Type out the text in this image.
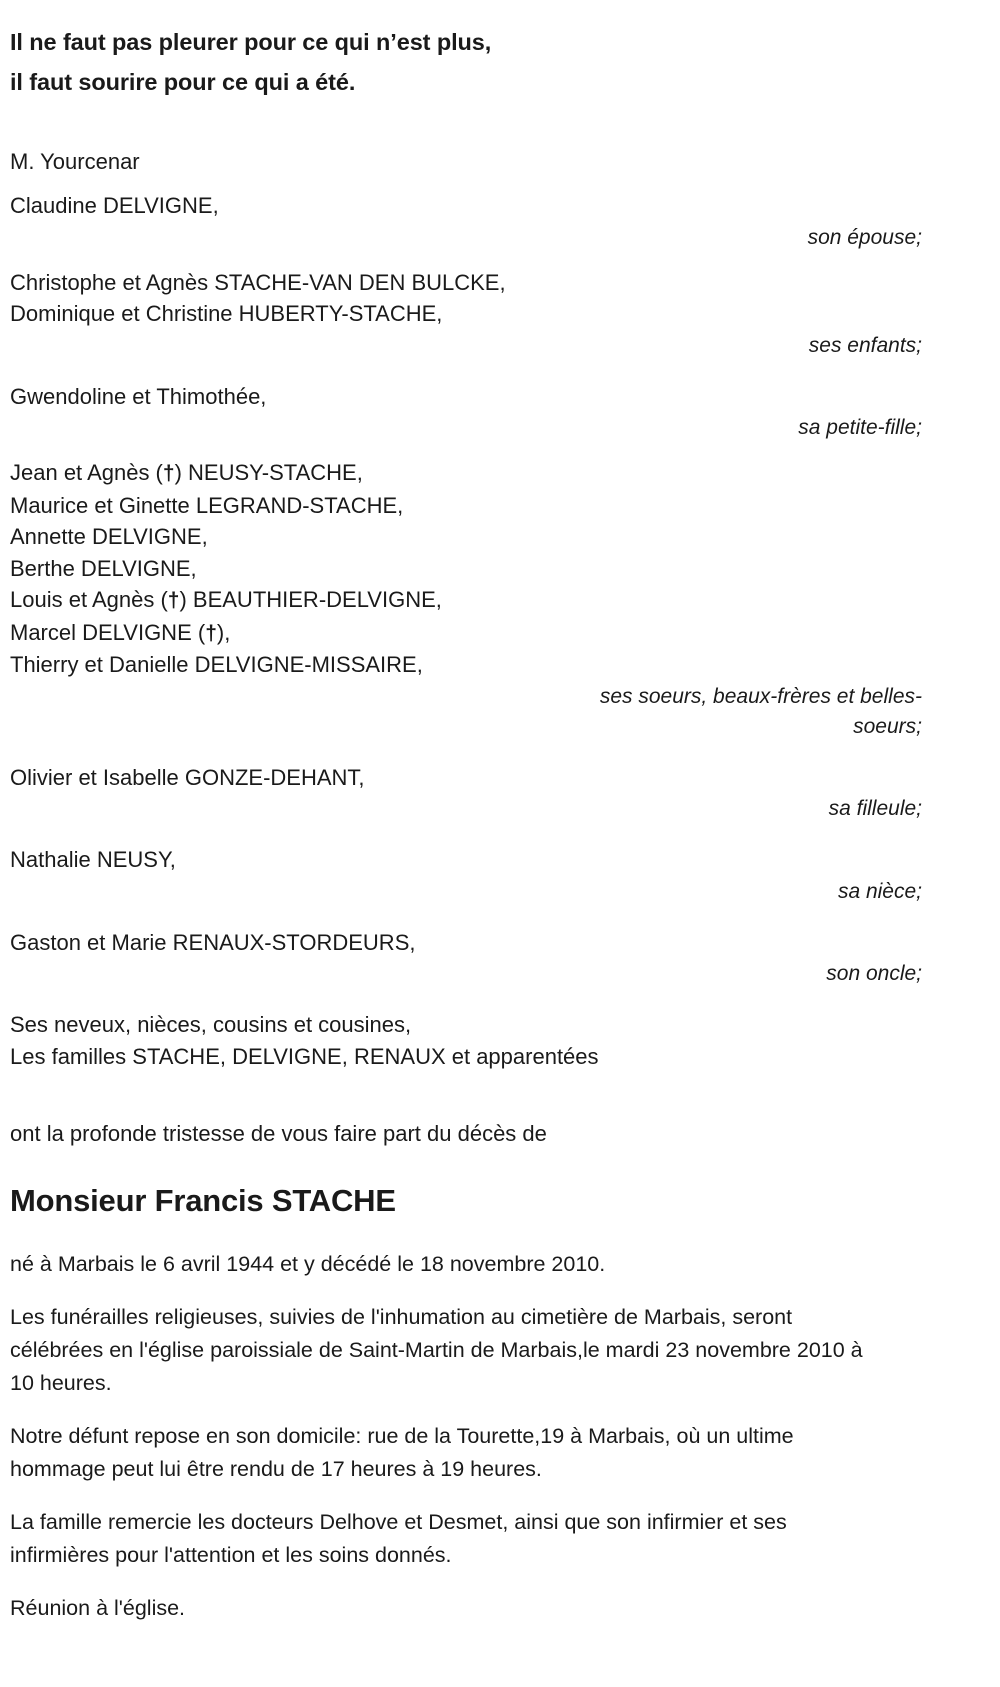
Il ne faut pas pleurer pour ce qui n’est plus,
il faut sourire pour ce qui a été.
M. Yourcenar
Claudine DELVIGNE,
son épouse;
Christophe et Agnès STACHE-VAN DEN BULCKE,
Dominique et Christine HUBERTY-STACHE,
ses enfants;
Gwendoline et Thimothée,
sa petite-fille;
Jean et Agnès (†) NEUSY-STACHE,
Maurice et Ginette LEGRAND-STACHE,
Annette DELVIGNE,
Berthe DELVIGNE,
Louis et Agnès (†) BEAUTHIER-DELVIGNE,
Marcel DELVIGNE (†),
Thierry et Danielle DELVIGNE-MISSAIRE,
ses soeurs, beaux-frères et belles-soeurs;
Olivier et Isabelle GONZE-DEHANT,
sa filleule;
Nathalie NEUSY,
sa nièce;
Gaston et Marie RENAUX-STORDEURS,
son oncle;
Ses neveux, nièces, cousins et cousines,
Les familles STACHE, DELVIGNE, RENAUX et apparentées
ont la profonde tristesse de vous faire part du décès de
Monsieur Francis STACHE
né à Marbais le 6 avril 1944 et y décédé le 18 novembre 2010.
Les funérailles religieuses, suivies de l'inhumation au cimetière de Marbais, seront célébrées en l'église paroissiale de Saint-Martin de Marbais,le mardi 23 novembre 2010 à 10 heures.
Notre défunt repose en son domicile: rue de la Tourette,19 à Marbais, où un ultime hommage peut lui être rendu de 17 heures à 19 heures.
La famille remercie les docteurs Delhove et Desmet, ainsi que son infirmier et ses infirmières pour l'attention et les soins donnés.
Réunion à l'église.
